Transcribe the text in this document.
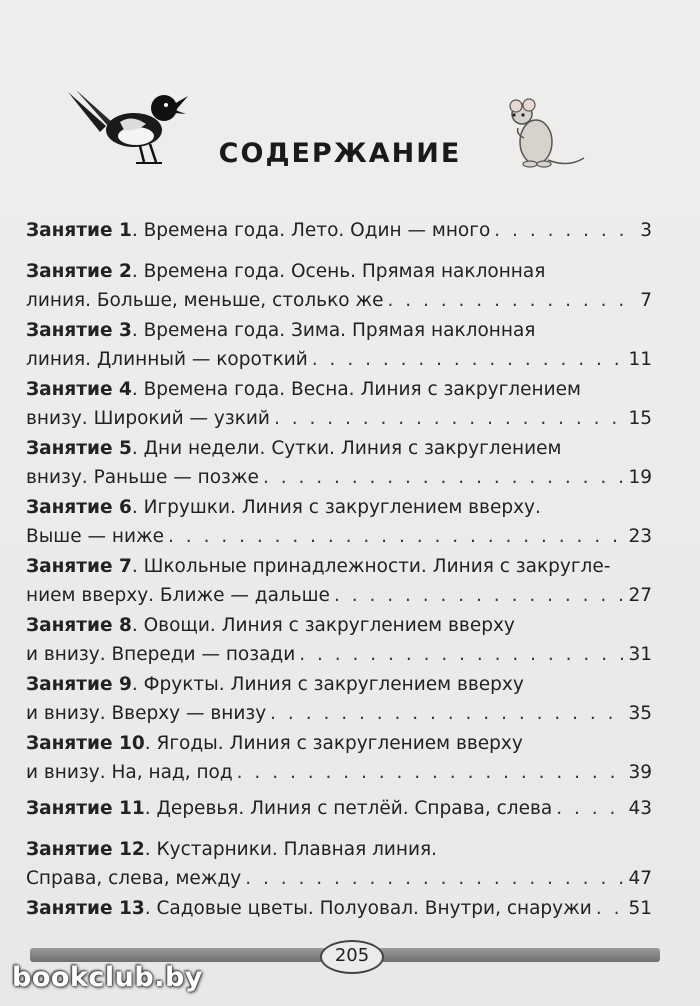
СОДЕРЖАНИЕ
Занятие 1. Времена года. Лето. Один — много . . .	3
Занятие 2. Времена года. Осень. Прямая наклонная
линия. Больше, меньше, столько же . . .	7
Занятие 3. Времена года. Зима. Прямая наклонная
линия. Длинный — короткий . . .	11
Занятие 4. Времена года. Весна. Линия с закруглением
внизу. Широкий — узкий . . .	15
Занятие 5. Дни недели. Сутки. Линия с закруглением
внизу. Раньше — позже . . .	19
Занятие 6. Игрушки. Линия с закруглением вверху.
Выше — ниже . . .	23
Занятие 7. Школьные принадлежности. Линия с закругле-
нием вверху. Ближе — дальше . . .	27
Занятие 8. Овощи. Линия с закруглением вверху
и внизу. Впереди — позади . . .	31
Занятие 9. Фрукты. Линия с закруглением вверху
и внизу. Вверху — внизу . . .	35
Занятие 10. Ягоды. Линия с закруглением вверху
и внизу. На, над, под . . .	39
Занятие 11. Деревья. Линия с петлёй. Справа, слева . . .	43
Занятие 12. Кустарники. Плавная линия.
Справа, слева, между . . .	47
Занятие 13. Садовые цветы. Полуовал. Внутри, снаружи . . . 51
205
bookclub.by
